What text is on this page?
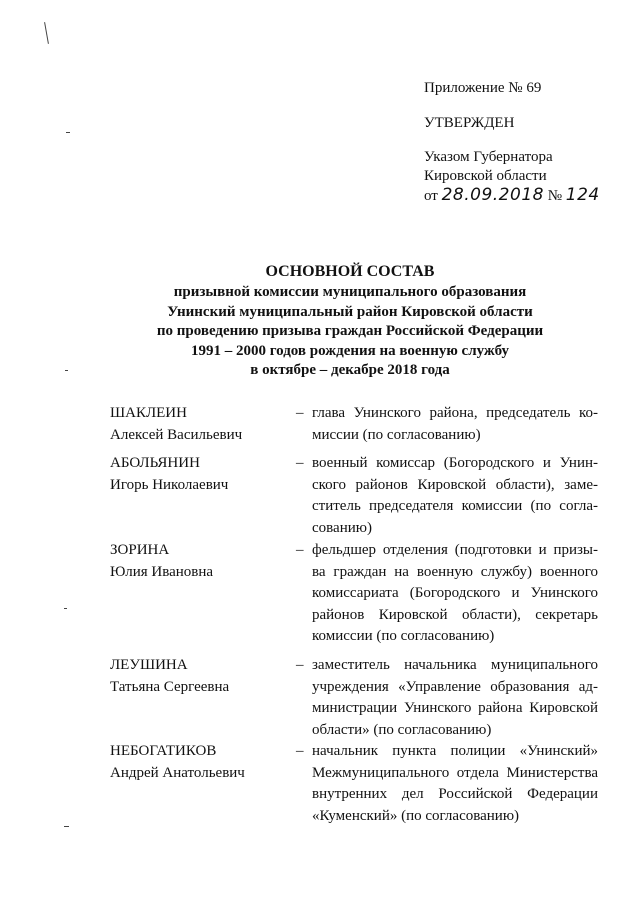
Приложение № 69
УТВЕРЖДЕН
Указом Губернатора
Кировской области
от 28.09.2018 № 124
ОСНОВНОЙ СОСТАВ
призывной комиссии муниципального образования
Унинский муниципальный район Кировской области
по проведению призыва граждан Российской Федерации
1991 – 2000 годов рождения на военную службу
в октябре – декабре 2018 года
ШАКЛЕИН
Алексей Васильевич
– глава Унинского района, председатель ко-миссии (по согласованию)
АБОЛЬЯНИН
Игорь Николаевич
– военный комиссар (Богородского и Унин-ского районов Кировской области), заме-ститель председателя комиссии (по согла-сованию)
ЗОРИНА
Юлия Ивановна
– фельдшер отделения (подготовки и призы-ва граждан на военную службу) военного комиссариата (Богородского и Унинского районов Кировской области), секретарь комиссии (по согласованию)
ЛЕУШИНА
Татьяна Сергеевна
– заместитель начальника муниципального учреждения «Управление образования ад-министрации Унинского района Кировской области» (по согласованию)
НЕБОГАТИКОВ
Андрей Анатольевич
– начальник пункта полиции «Унинский» Межмуниципального отдела Министерства внутренних дел Российской Федерации «Куменский» (по согласованию)
